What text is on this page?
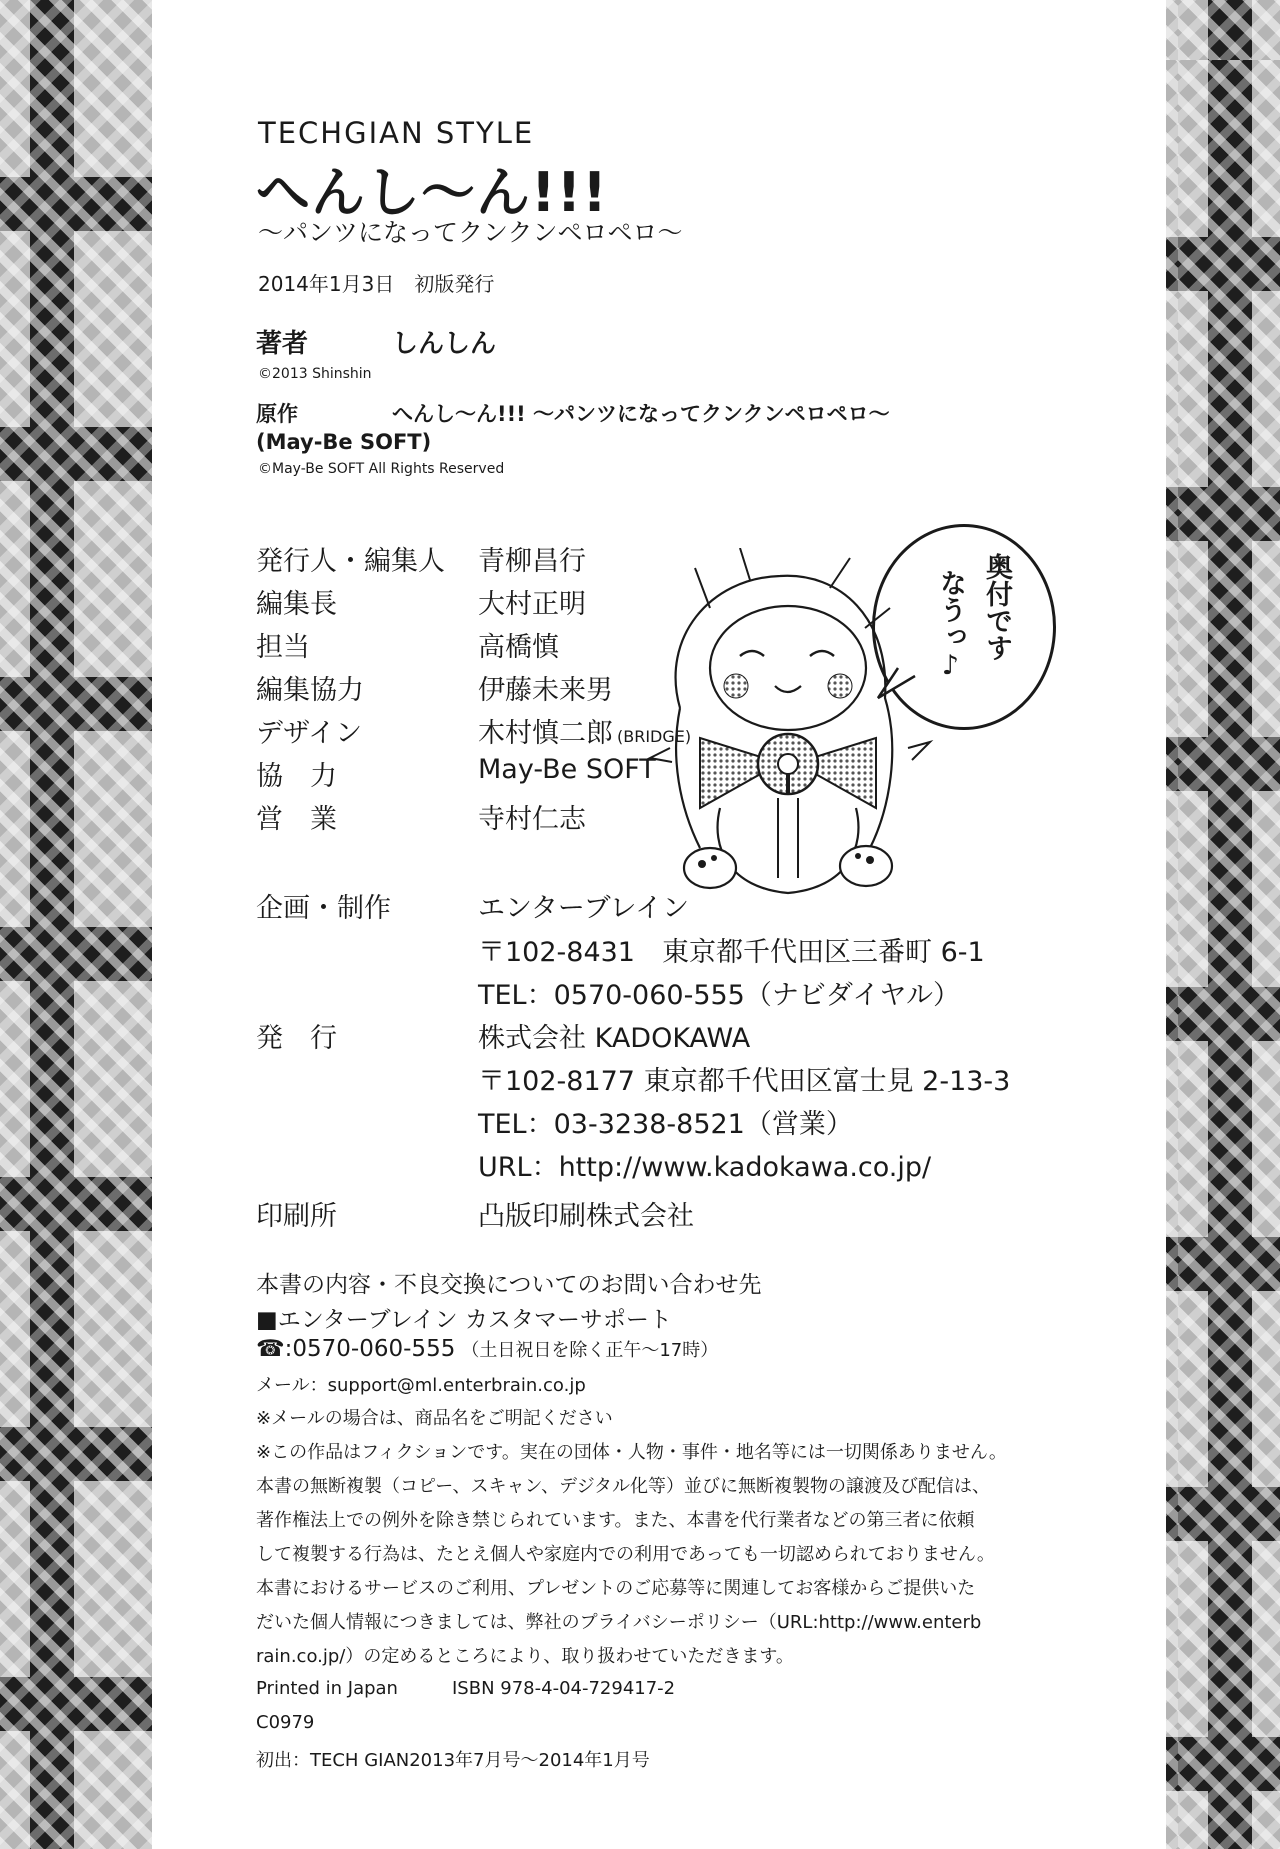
TECHGIAN STYLE
へんし～ん!!!
～パンツになってクンクンペロペロ～
2014年1月3日　初版発行
著者	しんしん
©2013 Shinshin
原作	へんし～ん!!! ～パンツになってクンクンペロペロ～
(May-Be SOFT)
©May-Be SOFT All Rights Reserved
発行人・編集人 青柳昌行
編集長	大村正明
担当	高橋慎
編集協力	伊藤未来男
デザイン	木村慎二郎 (BRIDGE)
協　力	May-Be SOFT
営　業	寺村仁志
企画・制作	エンターブレイン
〒102-8431　東京都千代田区三番町 6-1
TEL：0570-060-555（ナビダイヤル）
発　行	株式会社 KADOKAWA
〒102-8177 東京都千代田区富士見 2-13-3
TEL：03-3238-8521（営業）
URL：http://www.kadokawa.co.jp/
印刷所	凸版印刷株式会社
本書の内容・不良交換についてのお問い合わせ先
■エンターブレイン カスタマーサポート
☎:0570-060-555 （土日祝日を除く正午～17時）
メール：support@ml.enterbrain.co.jp
※メールの場合は、商品名をご明記ください
※この作品はフィクションです。実在の団体・人物・事件・地名等には一切関係ありません。
本書の無断複製（コピー、スキャン、デジタル化等）並びに無断複製物の譲渡及び配信は、
著作権法上での例外を除き禁じられています。また、本書を代行業者などの第三者に依頼
して複製する行為は、たとえ個人や家庭内での利用であっても一切認められておりません。
本書におけるサービスのご利用、プレゼントのご応募等に関連してお客様からご提供いた
だいた個人情報につきましては、弊社のプライバシーポリシー（URL:http://www.enterb
rain.co.jp/）の定めるところにより、取り扱わせていただきます。
Printed in Japan	ISBN 978-4-04-729417-2
C0979
初出：TECH GIAN2013年7月号～2014年1月号
奥付です
なうっ♪
